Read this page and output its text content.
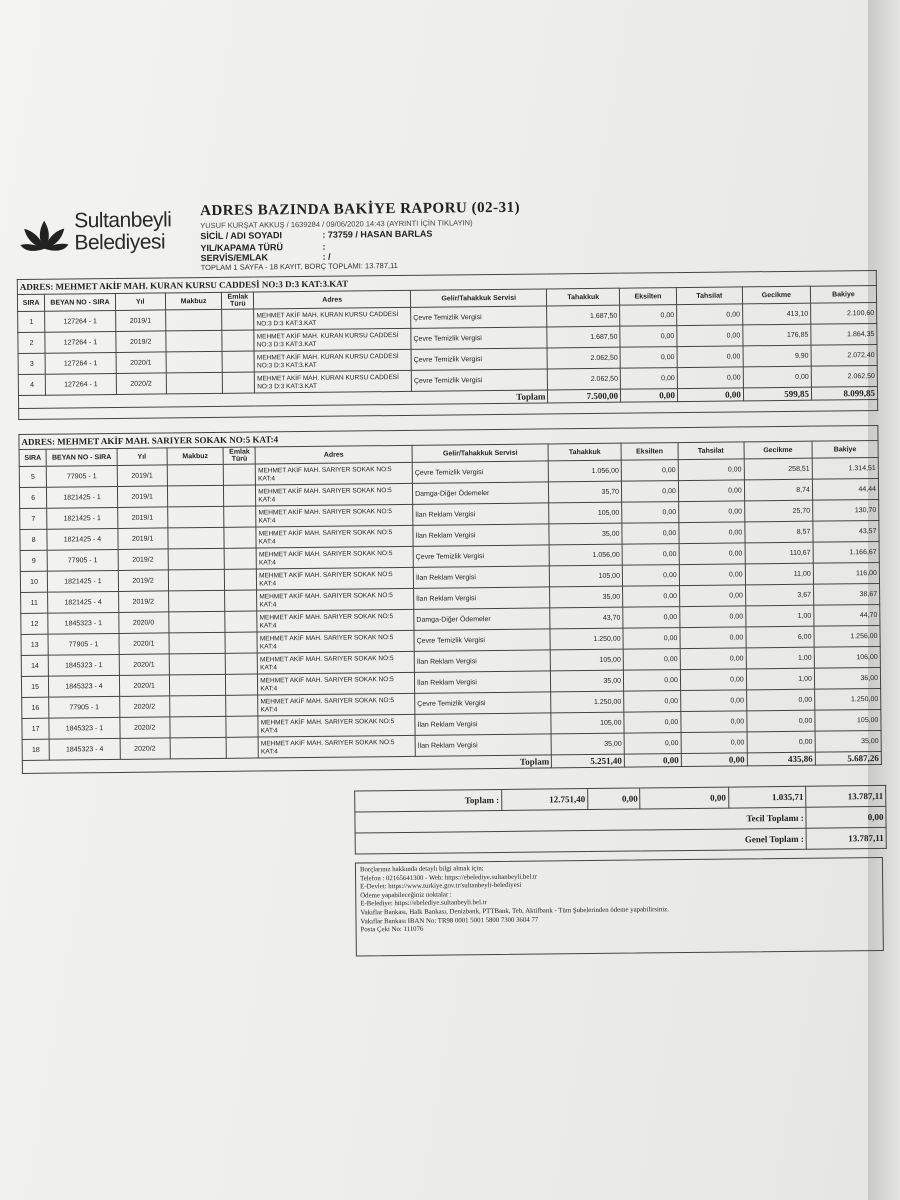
Sultanbeyli
Belediyesi
ADRES BAZINDA BAKİYE RAPORU (02-31)
YUSUF KURŞAT AKKUŞ / 1639284 / 09/06/2020 14:43 (AYRINTI İÇİN TIKLAYIN)
SİCİL / ADI SOYADI	: 73759 / HASAN BARLAS
YIL/KAPAMA TÜRÜ	:
SERVİS/EMLAK	: /
TOPLAM 1 SAYFA - 18 KAYIT, BORÇ TOPLAMI: 13.787,11
ADRES: MEHMET AKİF MAH. KURAN KURSU CADDESİ NO:3 D:3 KAT:3.KAT											
SIRA	BEYAN NO - SIRA	Yıl	Makbuz	Emlak Türü	Adres	Gelir/Tahakkuk Servisi	Tahakkuk	Eksilten	Tahsilat	Gecikme	Bakiye
1	127264 - 1	2019/1			MEHMET AKİF MAH. KURAN KURSU CADDESİ NO:3 D:3 KAT:3.KAT	Çevre Temizlik Vergisi	1.687,50	0,00	0,00	413,10	2.100,60
2	127264 - 1	2019/2			MEHMET AKİF MAH. KURAN KURSU CADDESİ NO:3 D:3 KAT:3.KAT	Çevre Temizlik Vergisi	1.687,50	0,00	0,00	176,85	1.864,35
3	127264 - 1	2020/1			MEHMET AKİF MAH. KURAN KURSU CADDESİ NO:3 D:3 KAT:3.KAT	Çevre Temizlik Vergisi	2.062,50	0,00	0,00	9,90	2.072,40
4	127264 - 1	2020/2			MEHMET AKİF MAH. KURAN KURSU CADDESİ NO:3 D:3 KAT:3.KAT	Çevre Temizlik Vergisi	2.062,50	0,00	0,00	0,00	2.062,50
Toplam							7.500,00	0,00	0,00	599,85	8.099,85
ADRES: MEHMET AKİF MAH. SARIYER SOKAK NO:5 KAT:4											
SIRA	BEYAN NO - SIRA	Yıl	Makbuz	Emlak Türü	Adres	Gelir/Tahakkuk Servisi	Tahakkuk	Eksilten	Tahsilat	Gecikme	Bakiye
5	77905 - 1	2019/1			MEHMET AKİF MAH. SARIYER SOKAK NO:5 KAT:4	Çevre Temizlik Vergisi	1.056,00	0,00	0,00	258,51	1.314,51
6	1821425 - 1	2019/1			MEHMET AKİF MAH. SARIYER SOKAK NO:5 KAT:4	Damga-Diğer Ödemeler	35,70	0,00	0,00	8,74	44,44
7	1821425 - 1	2019/1			MEHMET AKİF MAH. SARIYER SOKAK NO:5 KAT:4	İlan Reklam Vergisi	105,00	0,00	0,00	25,70	130,70
8	1821425 - 4	2019/1			MEHMET AKİF MAH. SARIYER SOKAK NO:5 KAT:4	İlan Reklam Vergisi	35,00	0,00	0,00	8,57	43,57
9	77905 - 1	2019/2			MEHMET AKİF MAH. SARIYER SOKAK NO:5 KAT:4	Çevre Temizlik Vergisi	1.056,00	0,00	0,00	110,67	1.166,67
10	1821425 - 1	2019/2			MEHMET AKİF MAH. SARIYER SOKAK NO:5 KAT:4	İlan Reklam Vergisi	105,00	0,00	0,00	11,00	116,00
11	1821425 - 4	2019/2			MEHMET AKİF MAH. SARIYER SOKAK NO:5 KAT:4	İlan Reklam Vergisi	35,00	0,00	0,00	3,67	38,67
12	1845323 - 1	2020/0			MEHMET AKİF MAH. SARIYER SOKAK NO:5 KAT:4	Damga-Diğer Ödemeler	43,70	0,00	0,00	1,00	44,70
13	77905 - 1	2020/1			MEHMET AKİF MAH. SARIYER SOKAK NO:5 KAT:4	Çevre Temizlik Vergisi	1.250,00	0,00	0,00	6,00	1.256,00
14	1845323 - 1	2020/1			MEHMET AKİF MAH. SARIYER SOKAK NO:5 KAT:4	İlan Reklam Vergisi	105,00	0,00	0,00	1,00	106,00
15	1845323 - 4	2020/1			MEHMET AKİF MAH. SARIYER SOKAK NO:5 KAT:4	İlan Reklam Vergisi	35,00	0,00	0,00	1,00	36,00
16	77905 - 1	2020/2			MEHMET AKİF MAH. SARIYER SOKAK NO:5 KAT:4	Çevre Temizlik Vergisi	1.250,00	0,00	0,00	0,00	1.250,00
17	1845323 - 1	2020/2			MEHMET AKİF MAH. SARIYER SOKAK NO:5 KAT:4	İlan Reklam Vergisi	105,00	0,00	0,00	0,00	105,00
18	1845323 - 4	2020/2			MEHMET AKİF MAH. SARIYER SOKAK NO:5 KAT:4	İlan Reklam Vergisi	35,00	0,00	0,00	0,00	35,00
Toplam							5.251,40	0,00	0,00	435,86	5.687,26
Toplam :	12.751,40	0,00	0,00	1.035,71	13.787,11
Tecil Toplamı :					0,00
Genel Toplam :					13.787,11
Borçlarınız hakkında detaylı bilgi almak için;
Telefon : 02165641300 - Web: https://ebelediye.sultanbeyli.bel.tr
E-Devlet: https://www.turkiye.gov.tr/sultanbeyli-belediyesi
Ödeme yapabileceğiniz noktalar :
E-Belediye: https://ebelediye.sultanbeyli.bel.tr
Vakıflar Bankası, Halk Bankası, Denizbank, PTTBank, Teb, Aktifbank - Tüm Şubelerinden ödeme yapabilirsiniz.
Vakıflar Bankası IBAN No: TR98 0001 5001 5800 7300 3604 77
Posta Çeki No: 111076
